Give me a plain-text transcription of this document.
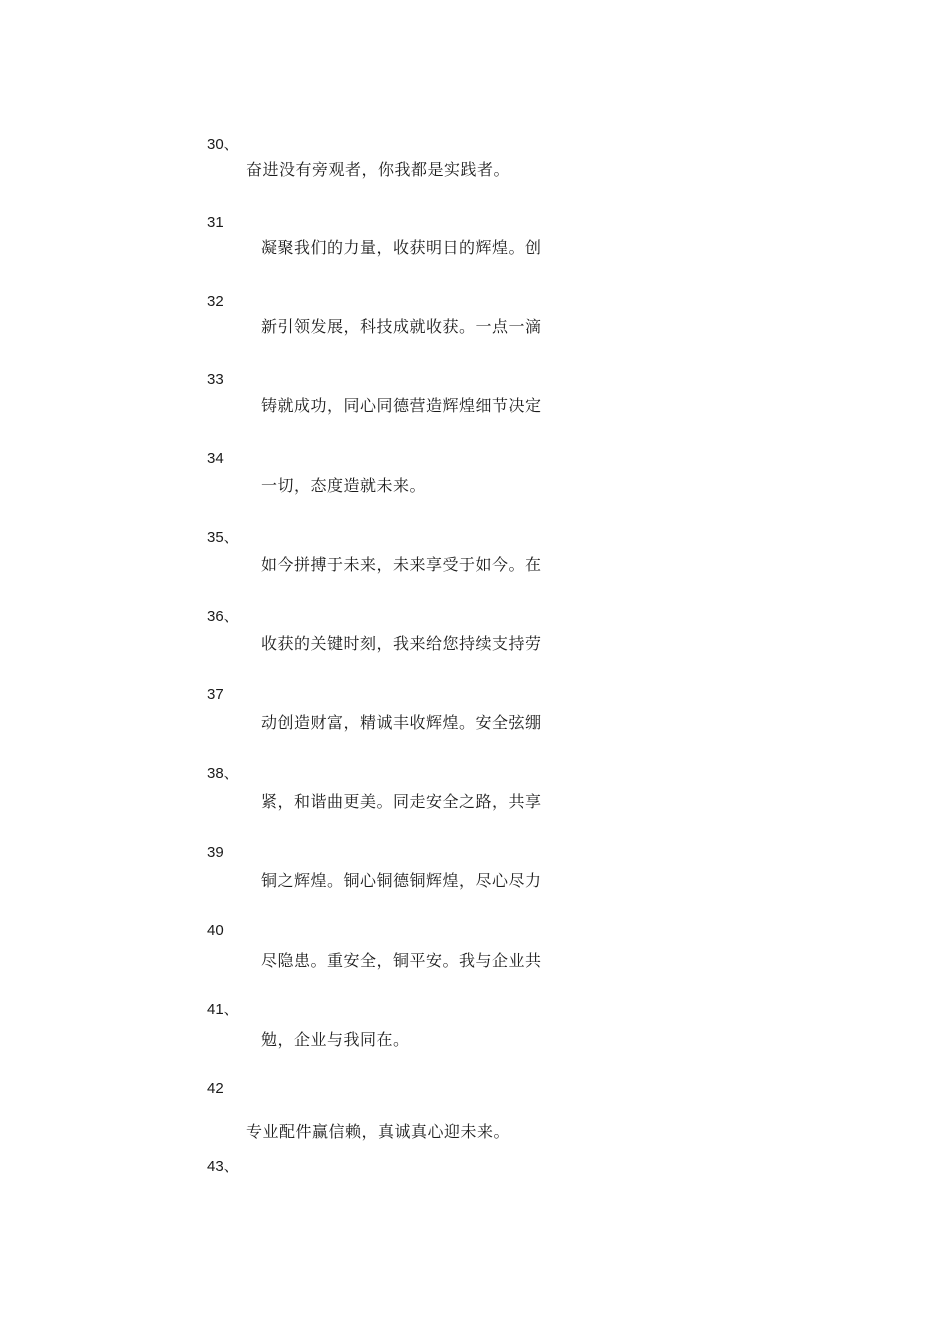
30、
奋进没有旁观者，你我都是实践者。
31
凝聚我们的力量，收获明日的辉煌。创
32
新引领发展，科技成就收获。一点一滴
33
铸就成功，同心同德营造辉煌细节决定
34
一切，态度造就未来。
35、
如今拼搏于未来，未来享受于如今。在
36、
收获的关键时刻，我来给您持续支持劳
37
动创造财富，精诚丰收辉煌。安全弦绷
38、
紧，和谐曲更美。同走安全之路，共享
39
铜之辉煌。铜心铜德铜辉煌，尽心尽力
40
尽隐患。重安全，铜平安。我与企业共
41、
勉，企业与我同在。
42
专业配件赢信赖，真诚真心迎未来。
43、
